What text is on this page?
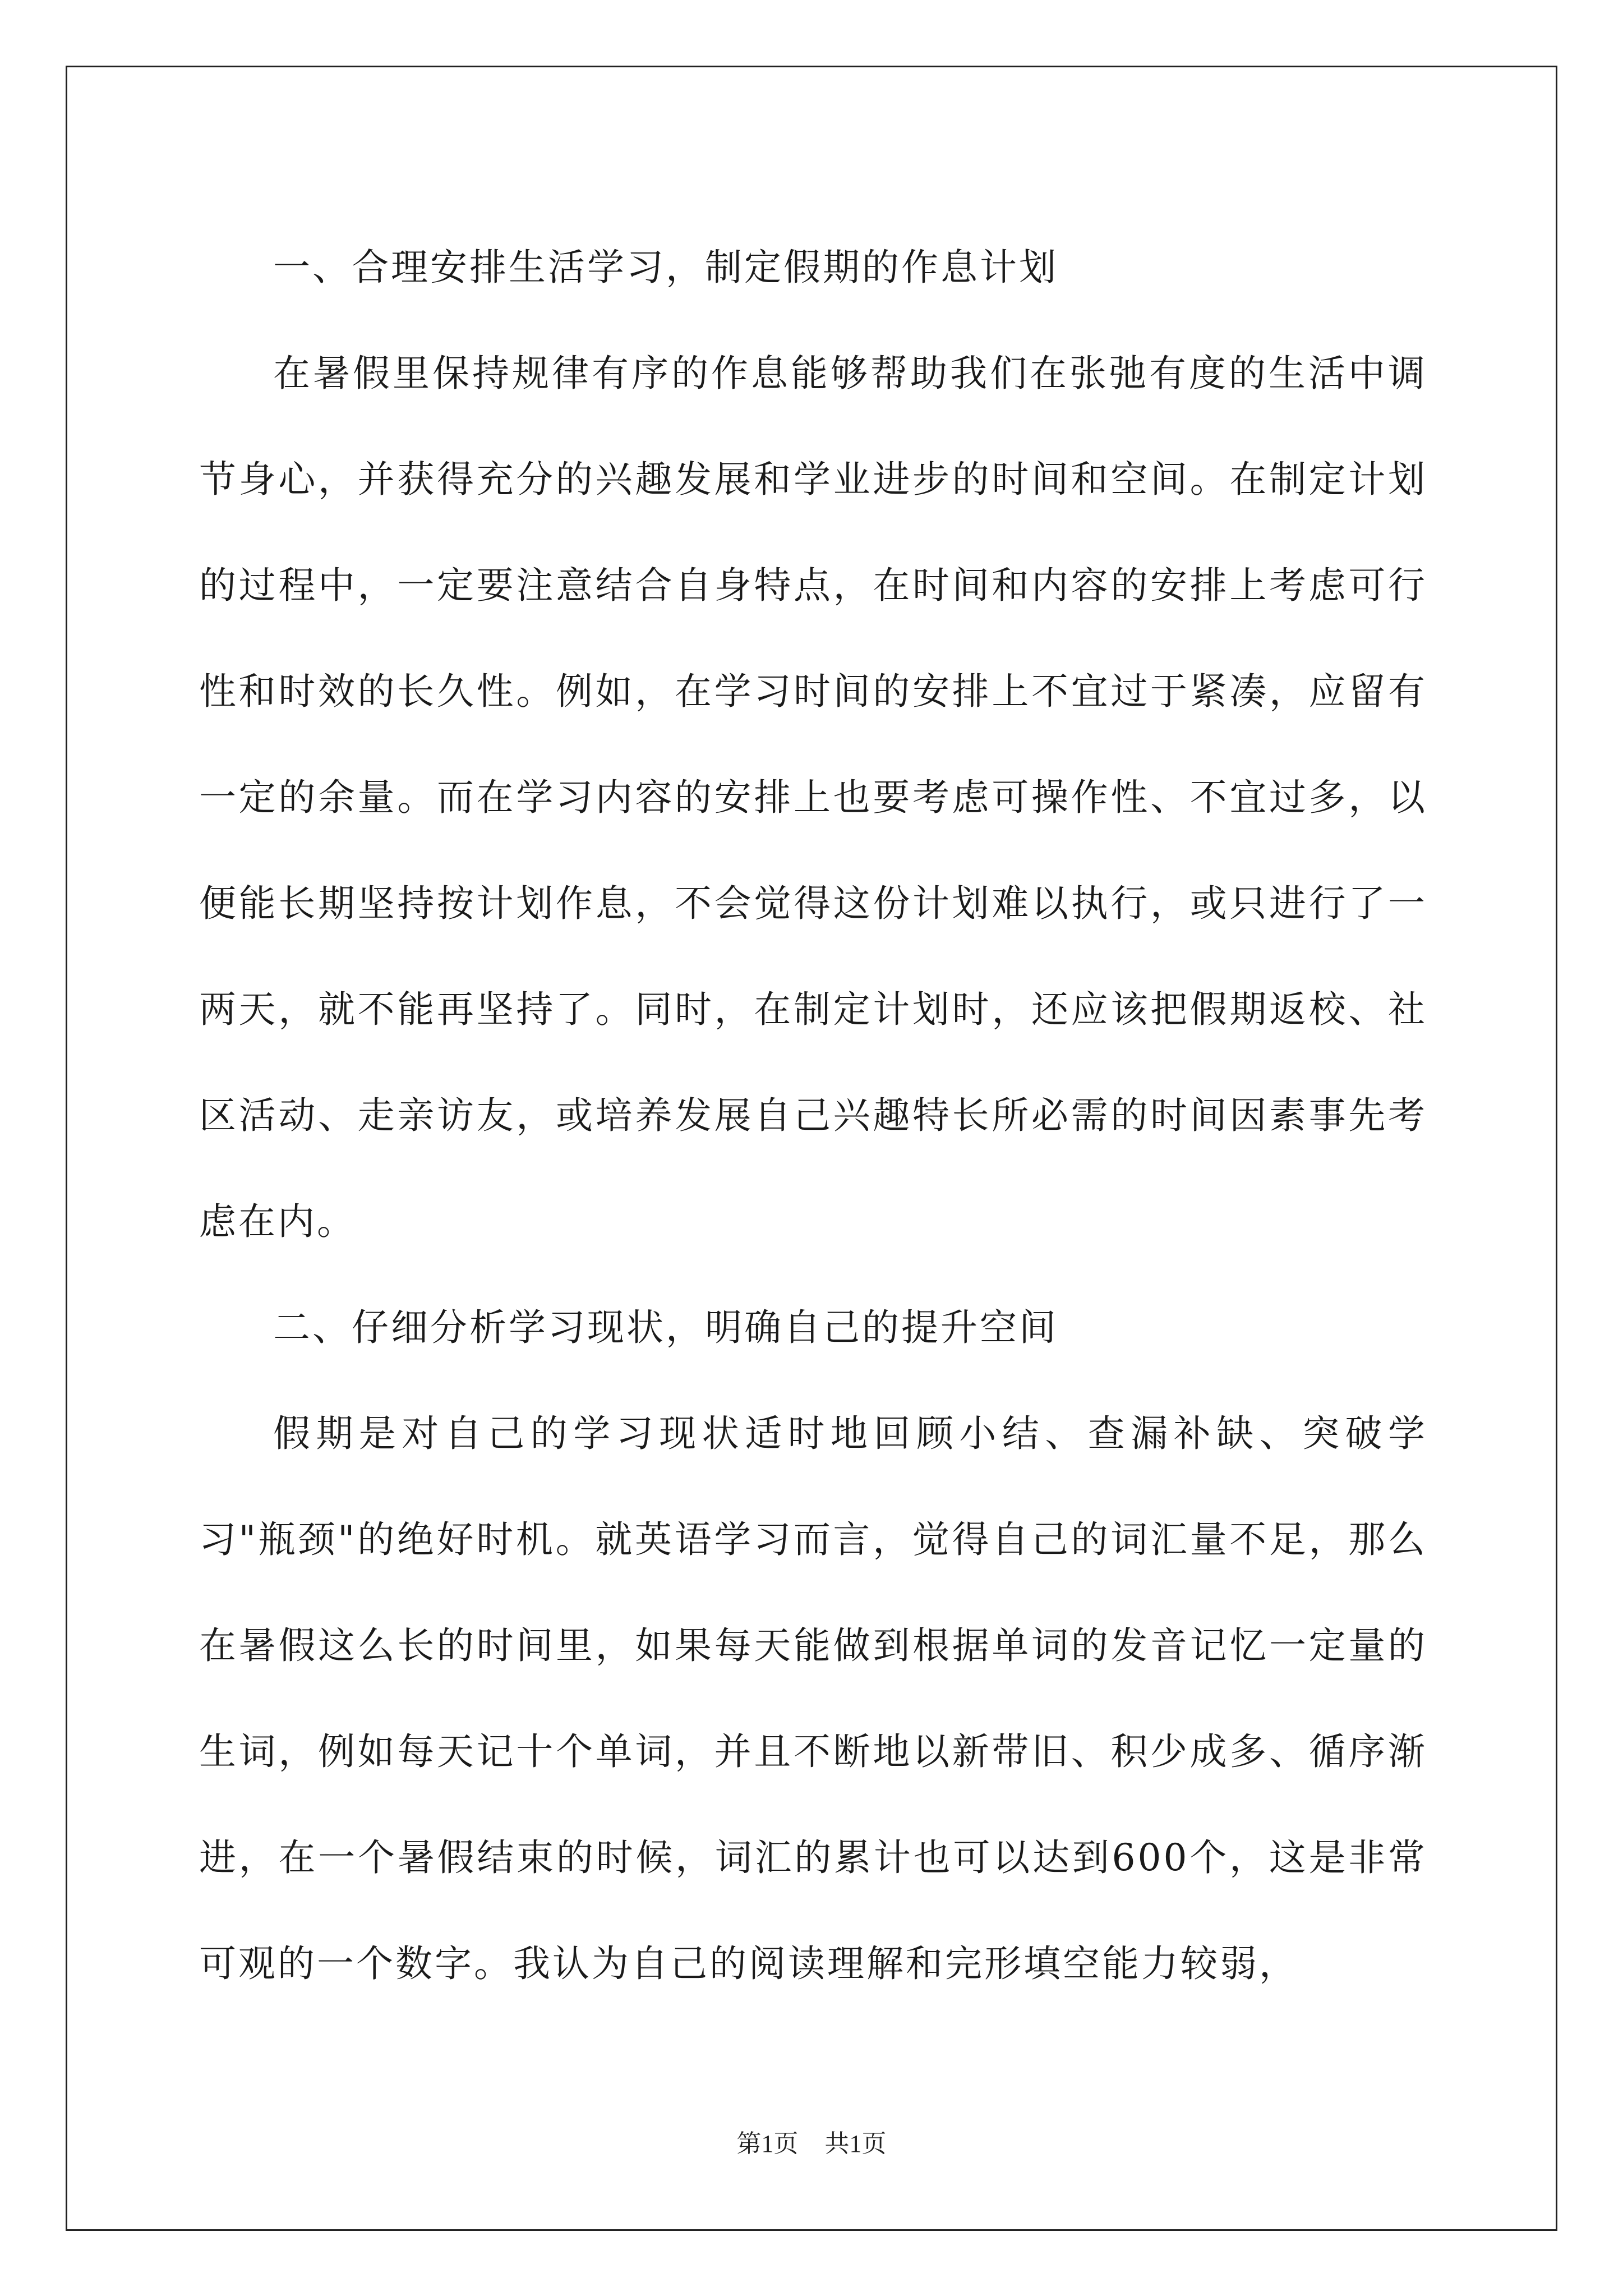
一、合理安排生活学习，制定假期的作息计划

在暑假里保持规律有序的作息能够帮助我们在张弛有度的生活中调节身心，并获得充分的兴趣发展和学业进步的时间和空间。在制定计划的过程中，一定要注意结合自身特点，在时间和内容的安排上考虑可行性和时效的长久性。例如，在学习时间的安排上不宜过于紧凑，应留有一定的余量。而在学习内容的安排上也要考虑可操作性、不宜过多，以便能长期坚持按计划作息，不会觉得这份计划难以执行，或只进行了一两天，就不能再坚持了。同时，在制定计划时，还应该把假期返校、社区活动、走亲访友，或培养发展自己兴趣特长所必需的时间因素事先考虑在内。

二、仔细分析学习现状，明确自己的提升空间

假期是对自己的学习现状适时地回顾小结、查漏补缺、突破学习"瓶颈"的绝好时机。就英语学习而言，觉得自己的词汇量不足，那么在暑假这么长的时间里，如果每天能做到根据单词的发音记忆一定量的生词，例如每天记十个单词，并且不断地以新带旧、积少成多、循序渐进，在一个暑假结束的时候，词汇的累计也可以达到600个，这是非常可观的一个数字。我认为自己的阅读理解和完形填空能力较弱，

第1页 共1页
